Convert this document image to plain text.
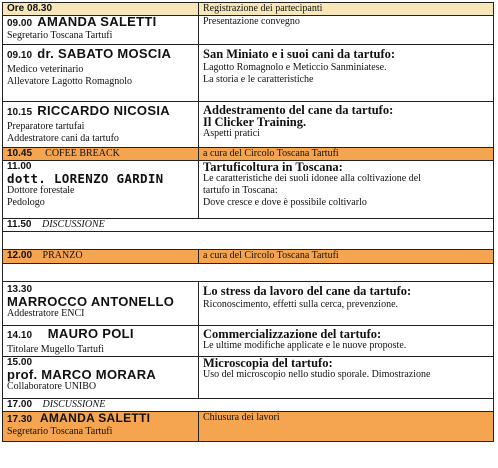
Ore 08.30	Registrazione dei partecipanti

09.00 AMANDA SALETTI
Segretario Toscana Tartufi	Presentazione convegno

09.10 dr. SABATO MOSCIA
Medico veterinario
Allevatore Lagotto Romagnolo	San Miniato e i suoi cani da tartufo:
Lagotto Romagnolo e Meticcio Sanminiatese.
La storia e le caratteristiche

10.15 RICCARDO NICOSIA
Preparatore tartufai
Addestratore cani da tartufo	Addestramento del cane da tartufo:
Il Clicker Training.
Aspetti pratici

10.45 COFEE BREACK	a cura del Circolo Toscana Tartufi

11.00
dott. LORENZO GARDIN
Dottore forestale
Pedologo	Tartuficoltura in Toscana:
Le caratteristiche dei suoli idonee alla coltivazione del
tartufo in Toscana:
Dove cresce e dove è possibile coltivarlo

11.50 DISCUSSIONE	

12.00 PRANZO	a cura del Circolo Toscana Tartufi

13.30
MARROCCO ANTONELLO
Addestratore ENCI	Lo stress da lavoro del cane da tartufo:
Riconoscimento, effetti sulla cerca, prevenzione.

14.10 MAURO POLI
Titolare Mugello Tartufi	Commercializzazione del tartufo:
Le ultime modifiche applicate e le nuove proposte.

15.00
prof. MARCO MORARA
Collaboratore UNIBO	Microscopia del tartufo:
Uso del microscopio nello studio sporale. Dimostrazione

17.00 DISCUSSIONE	

17.30 AMANDA SALETTI
Segretario Toscana Tartufi	Chiusura dei lavori
